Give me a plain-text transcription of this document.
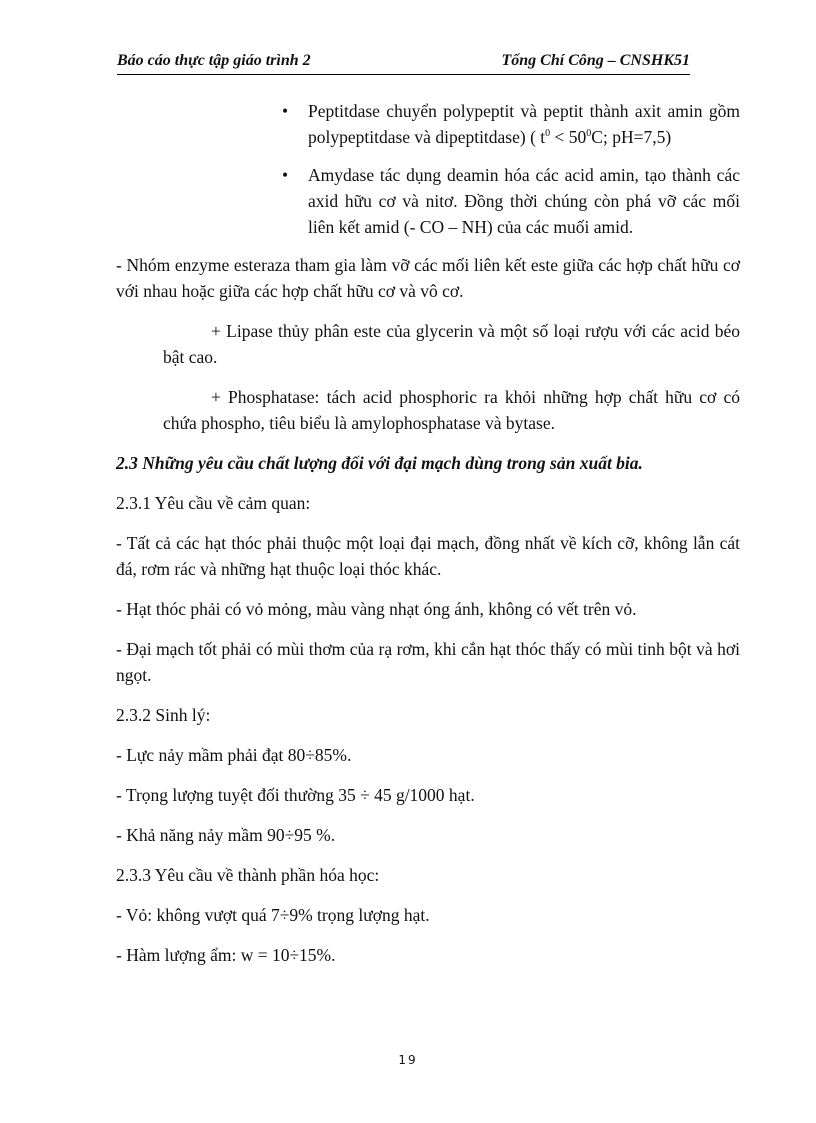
Báo cáo thực tập giáo trình 2	Tống Chí Công – CNSHK51
• Peptitdase chuyển polypeptit và peptit thành axit amin gồm polypeptitdase và dipeptitdase) ( $t^0 < 50^0C$; pH=7,5)
• Amydase tác dụng deamin hóa các acid amin, tạo thành các axid hữu cơ và nitơ. Đồng thời chúng còn phá vỡ các mối liên kết amid (- CO – NH) của các muối amid.

- Nhóm enzyme esteraza tham gia làm vỡ các mối liên kết este giữa các hợp chất hữu cơ với nhau hoặc giữa các hợp chất hữu cơ và vô cơ.

+ Lipase thủy phân este của glycerin và một số loại rượu với các acid béo bật cao.

+ Phosphatase: tách acid phosphoric ra khỏi những hợp chất hữu cơ có chứa phospho, tiêu biểu là amylophosphatase và bytase.

2.3 Những yêu cầu chất lượng đối với đại mạch dùng trong sản xuất bia.

2.3.1 Yêu cầu về cảm quan:

- Tất cả các hạt thóc phải thuộc một loại đại mạch, đồng nhất về kích cỡ, không lẫn cát đá, rơm rác và những hạt thuộc loại thóc khác.

- Hạt thóc phải có vỏ mỏng, màu vàng nhạt óng ánh, không có vết trên vỏ.

- Đại mạch tốt phải có mùi thơm của rạ rơm, khi cắn hạt thóc thấy có mùi tinh bột và hơi ngọt.

2.3.2 Sinh lý:

- Lực nảy mầm phải đạt 80÷85%.

- Trọng lượng tuyệt đối thường 35 ÷ 45 g/1000 hạt.

- Khả năng nảy mầm 90÷95 %.

2.3.3 Yêu cầu về thành phần hóa học:

- Vỏ: không vượt quá 7÷9% trọng lượng hạt.

- Hàm lượng ẩm: w = 10÷15%.

19
